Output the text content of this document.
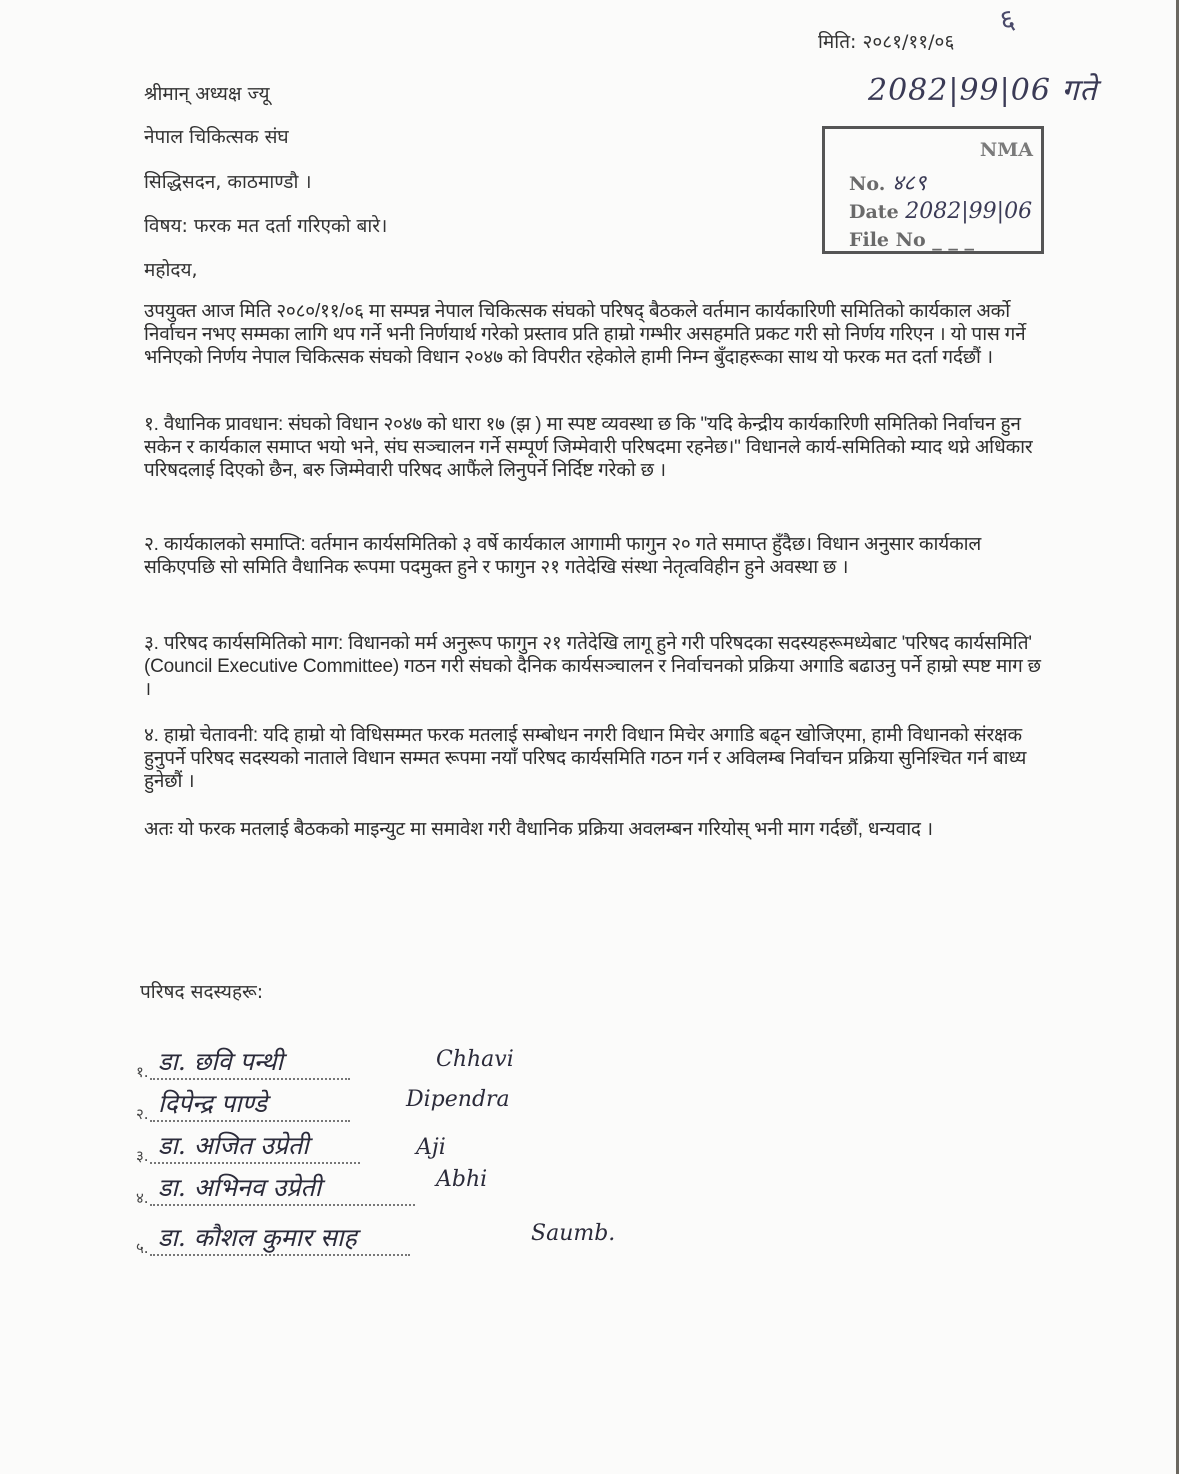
६
मिति: २०८१/११/०६
2082|99|06 गते
NMA
No. ४८९
Date 2082|99|06
File No _ _ _
श्रीमान् अध्यक्ष ज्यू
नेपाल चिकित्सक संघ
सिद्धिसदन, काठमाण्डौ ।
विषय: फरक मत दर्ता गरिएको बारे।
महोदय,
उपयुक्त आज मिति २०८०/११/०६ मा सम्पन्न नेपाल चिकित्सक संघको परिषद् बैठकले वर्तमान कार्यकारिणी समितिको कार्यकाल अर्को निर्वाचन नभए सम्मका लागि थप गर्ने भनी निर्णयार्थ गरेको प्रस्ताव प्रति हाम्रो गम्भीर असहमति प्रकट गरी सो निर्णय गरिएन । यो पास गर्ने भनिएको निर्णय नेपाल चिकित्सक संघको विधान २०४७ को विपरीत रहेकोले हामी निम्न बुँदाहरूका साथ यो फरक मत दर्ता गर्दछौं ।
१. वैधानिक प्रावधान: संघको विधान २०४७ को धारा १७ (झ ) मा स्पष्ट व्यवस्था छ कि "यदि केन्द्रीय कार्यकारिणी समितिको निर्वाचन हुन सकेन र कार्यकाल समाप्त भयो भने, संघ सञ्चालन गर्ने सम्पूर्ण जिम्मेवारी परिषदमा रहनेछ।" विधानले कार्य-समितिको म्याद थप्ने अधिकार परिषदलाई दिएको छैन, बरु जिम्मेवारी परिषद आफैंले लिनुपर्ने निर्दिष्ट गरेको छ ।
२. कार्यकालको समाप्ति: वर्तमान कार्यसमितिको ३ वर्षे कार्यकाल आगामी फागुन २० गते समाप्त हुँदैछ। विधान अनुसार कार्यकाल सकिएपछि सो समिति वैधानिक रूपमा पदमुक्त हुने र फागुन २१ गतेदेखि संस्था नेतृत्वविहीन हुने अवस्था छ ।
३. परिषद कार्यसमितिको माग: विधानको मर्म अनुरूप फागुन २१ गतेदेखि लागू हुने गरी परिषदका सदस्यहरूमध्येबाट 'परिषद कार्यसमिति' (Council Executive Committee) गठन गरी संघको दैनिक कार्यसञ्चालन र निर्वाचनको प्रक्रिया अगाडि बढाउनु पर्ने हाम्रो स्पष्ट माग छ ।
४. हाम्रो चेतावनी: यदि हाम्रो यो विधिसम्मत फरक मतलाई सम्बोधन नगरी विधान मिचेर अगाडि बढ्न खोजिएमा, हामी विधानको संरक्षक हुनुपर्ने परिषद सदस्यको नाताले विधान सम्मत रूपमा नयाँ परिषद कार्यसमिति गठन गर्न र अविलम्ब निर्वाचन प्रक्रिया सुनिश्चित गर्न बाध्य हुनेछौं ।
अतः यो फरक मतलाई बैठकको माइन्युट मा समावेश गरी वैधानिक प्रक्रिया अवलम्बन गरियोस् भनी माग गर्दछौं, धन्यवाद ।
परिषद सदस्यहरू:
१. डा. छवि पन्थी	Chhavi
२. दिपेन्द्र पाण्डे	Dipendra
३. डा. अजित उप्रेती	Aji
४. डा. अभिनव उप्रेती	Abhi
५. डा. कौशल कुमार साह	Saumb.
